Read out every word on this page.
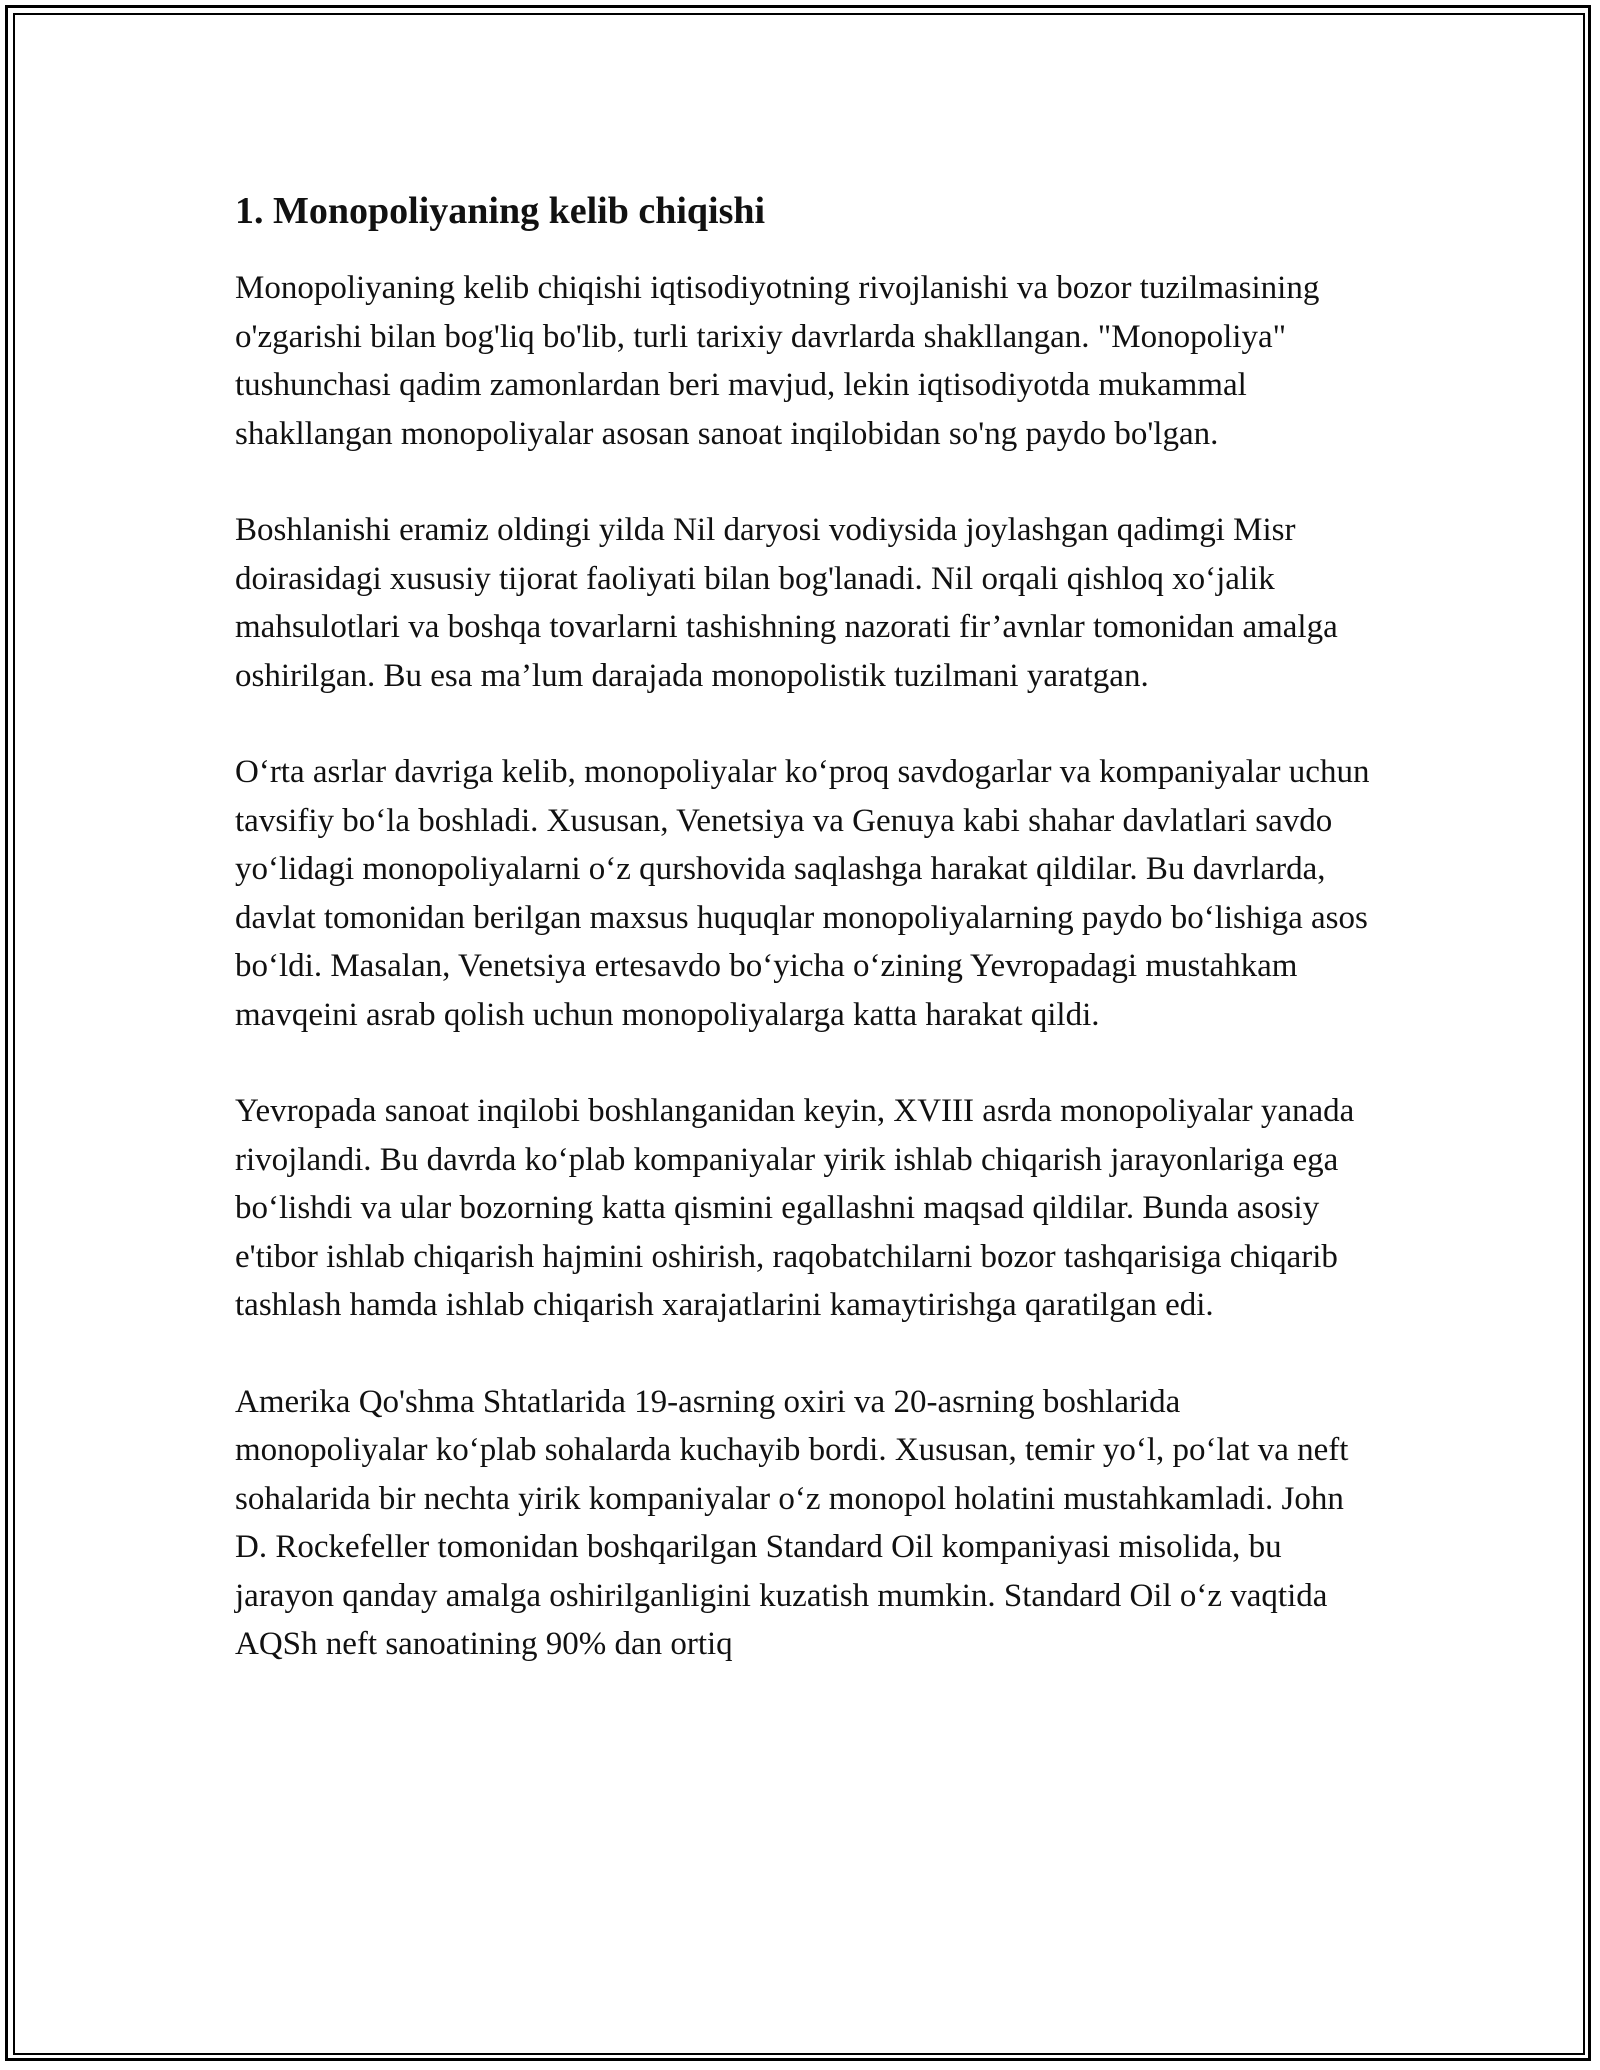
1. Monopoliyaning kelib chiqishi

Monopoliyaning kelib chiqishi iqtisodiyotning rivojlanishi va bozor tuzilmasining o'zgarishi bilan bog'liq bo'lib, turli tarixiy davrlarda shakllangan. "Monopoliya" tushunchasi qadim zamonlardan beri mavjud, lekin iqtisodiyotda mukammal shakllangan monopoliyalar asosan sanoat inqilobidan so'ng paydo bo'lgan.

Boshlanishi eramiz oldingi yilda Nil daryosi vodiysida joylashgan qadimgi Misr doirasidagi xususiy tijorat faoliyati bilan bog'lanadi. Nil orqali qishloq xo‘jalik mahsulotlari va boshqa tovarlarni tashishning nazorati fir’avnlar tomonidan amalga oshirilgan. Bu esa ma’lum darajada monopolistik tuzilmani yaratgan.

O‘rta asrlar davriga kelib, monopoliyalar ko‘proq savdogarlar va kompaniyalar uchun tavsifiy bo‘la boshladi. Xususan, Venetsiya va Genuya kabi shahar davlatlari savdo yo‘lidagi monopoliyalarni o‘z qurshovida saqlashga harakat qildilar. Bu davrlarda, davlat tomonidan berilgan maxsus huquqlar monopoliyalarning paydo bo‘lishiga asos bo‘ldi. Masalan, Venetsiya ertesavdo bo‘yicha o‘zining Yevropadagi mustahkam mavqeini asrab qolish uchun monopoliyalarga katta harakat qildi.

Yevropada sanoat inqilobi boshlanganidan keyin, XVIII asrda monopoliyalar yanada rivojlandi. Bu davrda ko‘plab kompaniyalar yirik ishlab chiqarish jarayonlariga ega bo‘lishdi va ular bozorning katta qismini egallashni maqsad qildilar. Bunda asosiy e'tibor ishlab chiqarish hajmini oshirish, raqobatchilarni bozor tashqarisiga chiqarib tashlash hamda ishlab chiqarish xarajatlarini kamaytirishga qaratilgan edi.

Amerika Qo'shma Shtatlarida 19-asrning oxiri va 20-asrning boshlarida monopoliyalar ko‘plab sohalarda kuchayib bordi. Xususan, temir yo‘l, po‘lat va neft sohalarida bir nechta yirik kompaniyalar o‘z monopol holatini mustahkamladi. John D. Rockefeller tomonidan boshqarilgan Standard Oil kompaniyasi misolida, bu jarayon qanday amalga oshirilganligini kuzatish mumkin. Standard Oil o‘z vaqtida AQSh neft sanoatining 90% dan ortiq
